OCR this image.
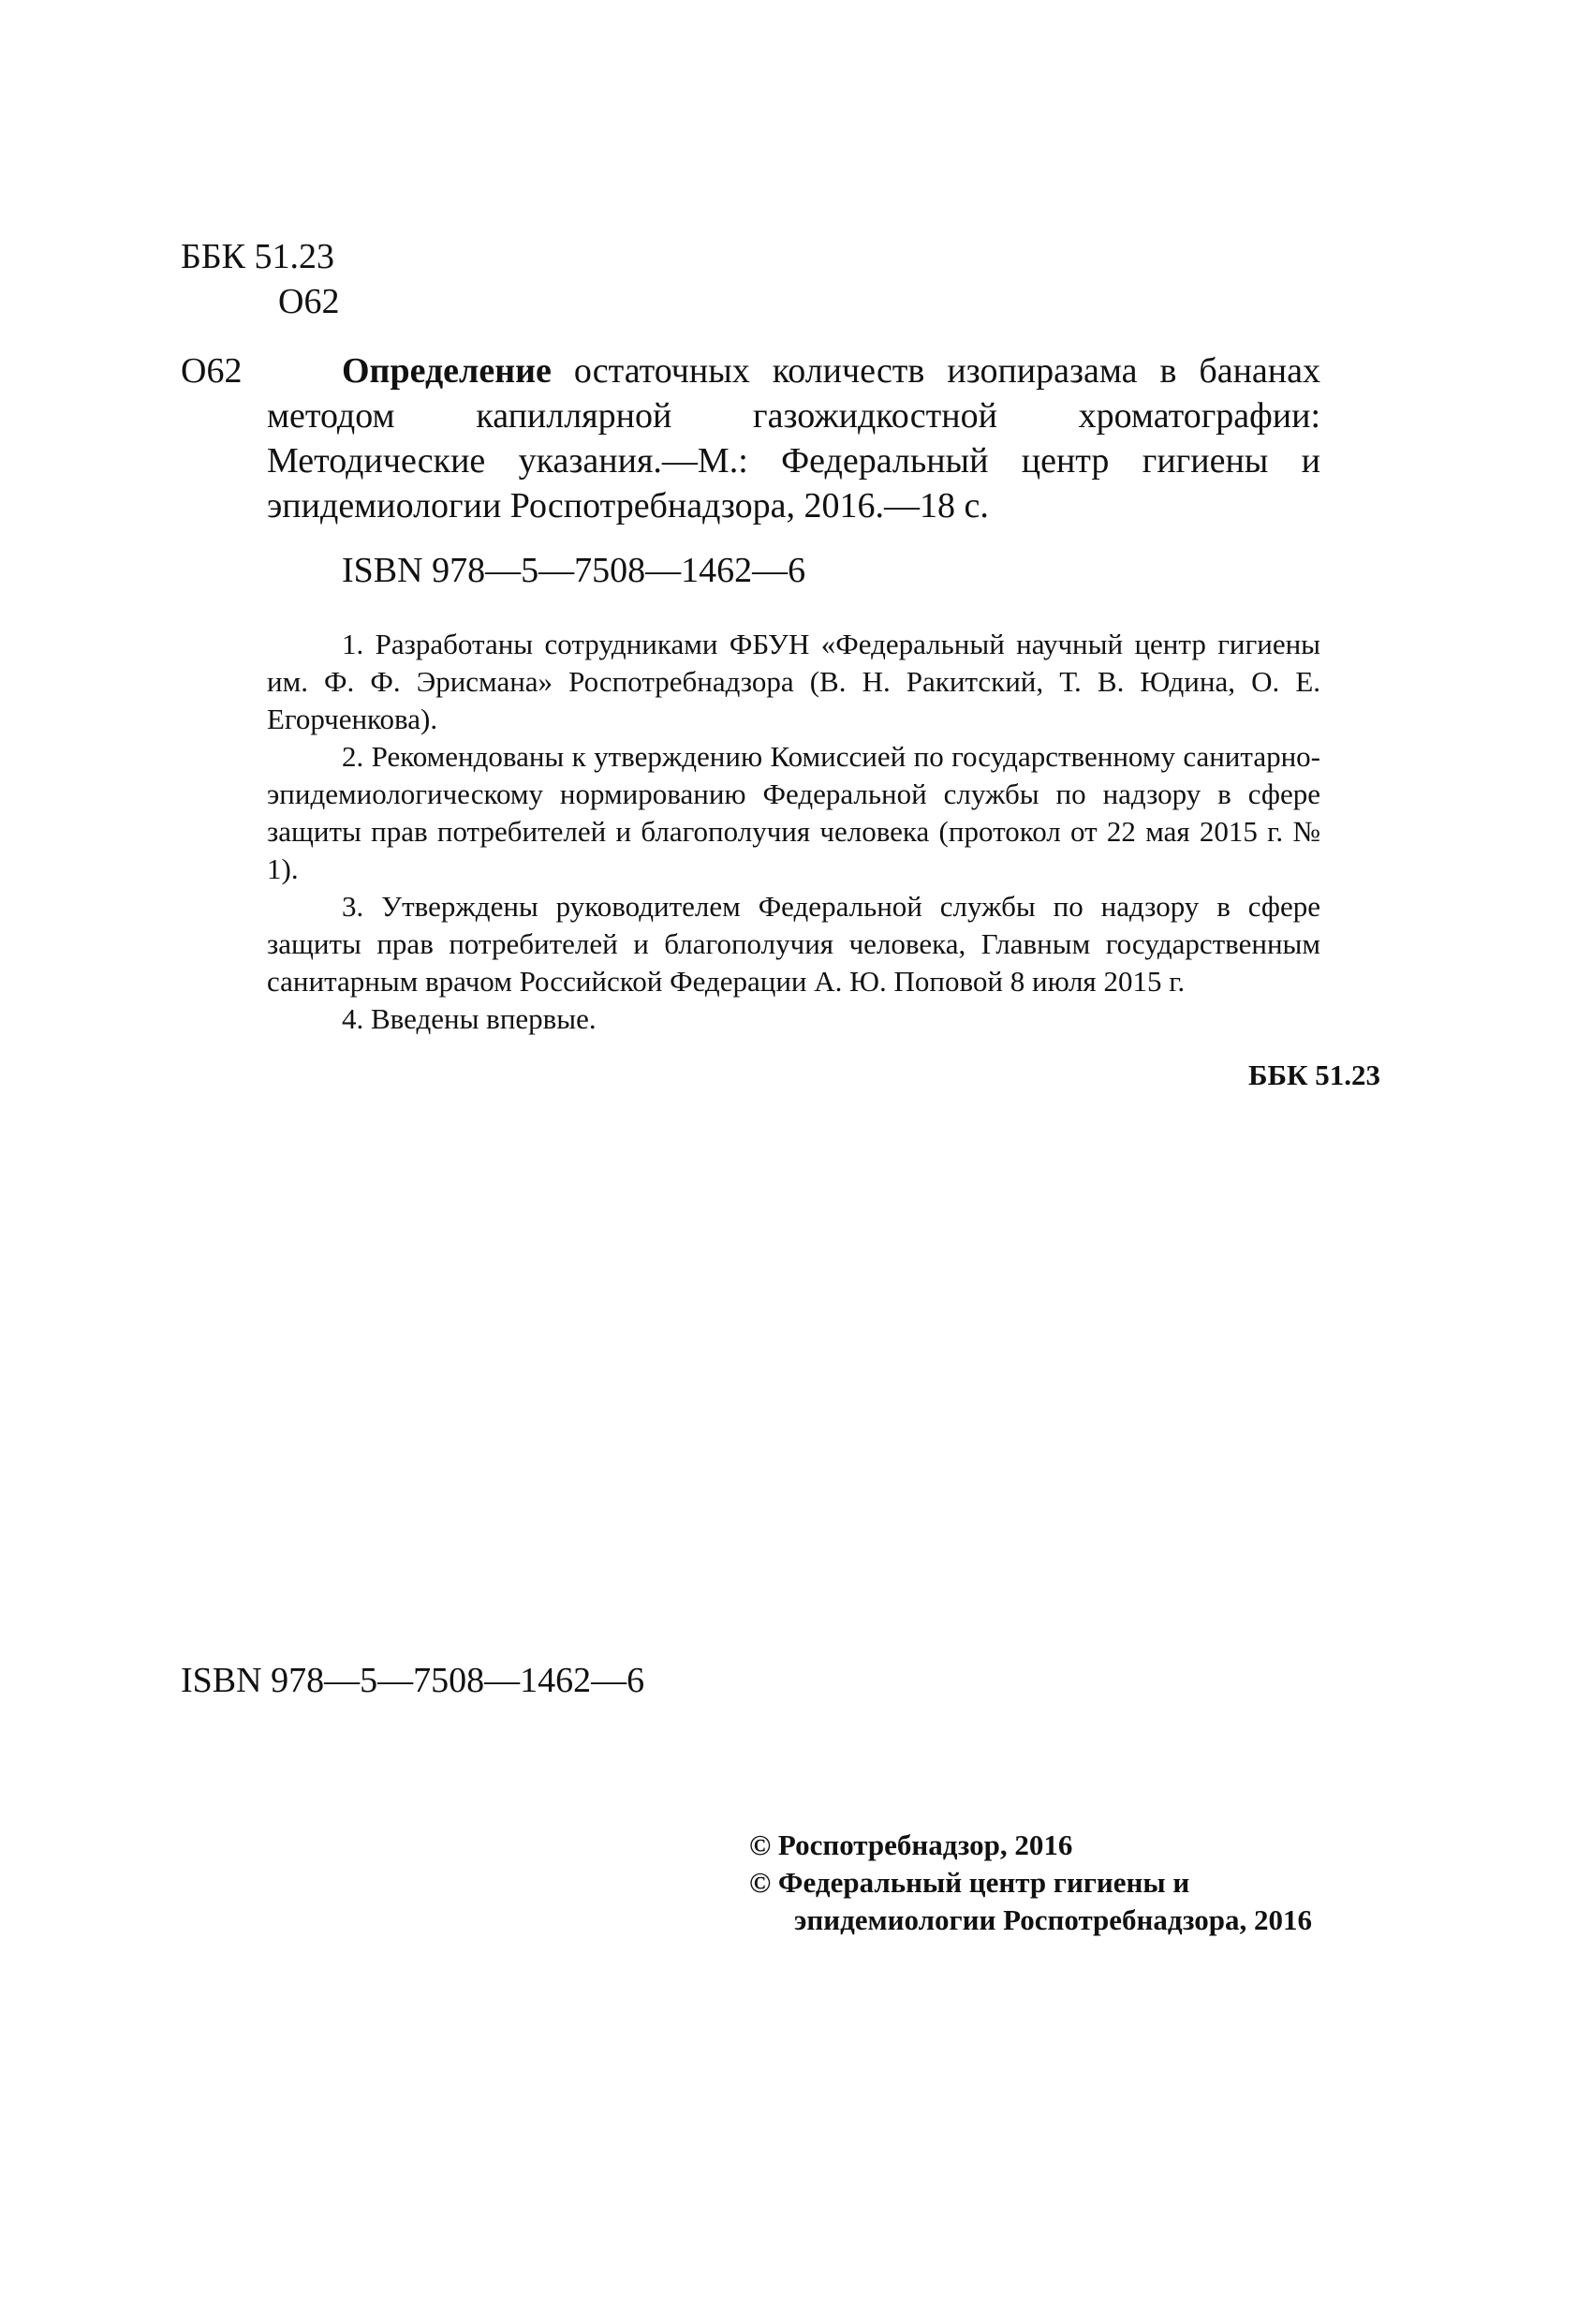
ББК 51.23
O62
O62	Определение остаточных количеств изопиразама в бананах методом капиллярной газожидкостной хроматографии: Методические указания.—М.: Федеральный центр гигиены и эпидемиологии Роспотребнадзора, 2016.—18 с.
ISBN 978—5—7508—1462—6

1. Разработаны сотрудниками ФБУН «Федеральный научный центр гигиены им. Ф. Ф. Эрисмана» Роспотребнадзора (В. Н. Ракитский, Т. В. Юдина, О. Е. Егорченкова).

2. Рекомендованы к утверждению Комиссией по государственному санитарно-эпидемиологическому нормированию Федеральной службы по надзору в сфере защиты прав потребителей и благополучия человека (протокол от 22 мая 2015 г. № 1).

3. Утверждены руководителем Федеральной службы по надзору в сфере защиты прав потребителей и благополучия человека, Главным государственным санитарным врачом Российской Федерации А. Ю. Поповой 8 июля 2015 г.

4. Введены впервые.

ББК 51.23
ISBN 978—5—7508—1462—6
© Роспотребнадзор, 2016
© Федеральный центр гигиены и
эпидемиологии Роспотребнадзора, 2016
